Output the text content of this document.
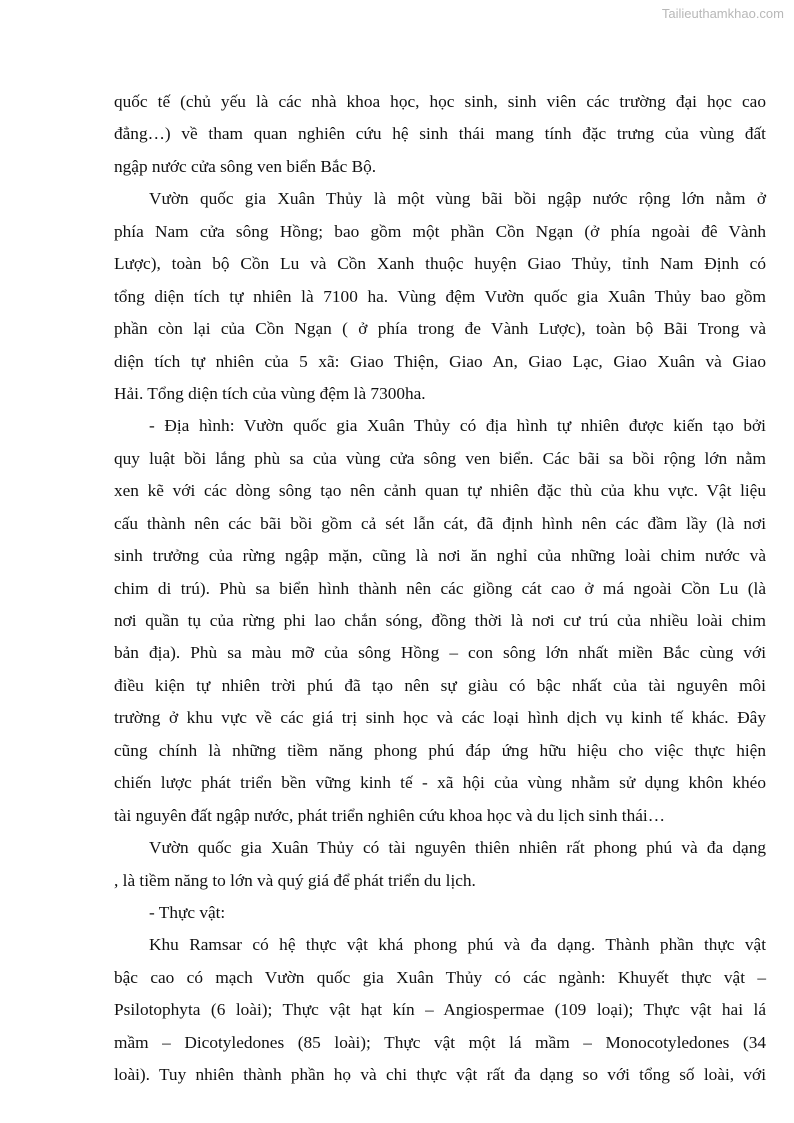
Tailieuthamkhao.com
quốc tế (chủ yếu là các nhà khoa học, học sinh, sinh viên các trường đại học cao
đẳng…) về tham quan nghiên cứu hệ sinh thái mang tính đặc trưng của vùng đất
ngập nước cửa sông ven biển Bắc Bộ.
Vườn quốc gia Xuân Thủy là một vùng bãi bồi ngập nước rộng lớn nằm ở
phía Nam cửa sông Hồng; bao gồm một phần Cồn Ngạn (ở phía ngoài đê Vành
Lược), toàn bộ Cồn Lu và Cồn Xanh thuộc huyện Giao Thủy, tỉnh Nam Định có
tổng diện tích tự nhiên là 7100 ha. Vùng đệm Vườn quốc gia Xuân Thủy bao gồm
phần còn lại của Cồn Ngạn ( ở phía trong đe Vành Lược), toàn bộ Bãi Trong và
diện tích tự nhiên của 5 xã: Giao Thiện, Giao An, Giao Lạc, Giao Xuân và Giao
Hải. Tổng diện tích của vùng đệm là 7300ha.
- Địa hình: Vườn quốc gia Xuân Thủy có địa hình tự nhiên được kiến tạo bởi
quy luật bồi lắng phù sa của vùng cửa sông ven biển. Các bãi sa bồi rộng lớn nằm
xen kẽ với các dòng sông tạo nên cảnh quan tự nhiên đặc thù của khu vực. Vật liệu
cấu thành nên các bãi bồi gồm cả sét lẫn cát, đã định hình nên các đầm lầy (là nơi
sinh trưởng của rừng ngập mặn, cũng là nơi ăn nghỉ của những loài chim nước và
chim di trú). Phù sa biển hình thành nên các giồng cát cao ở má ngoài Cồn Lu (là
nơi quần tụ của rừng phi lao chắn sóng, đồng thời là nơi cư trú của nhiều loài chim
bản địa). Phù sa màu mỡ của sông Hồng – con sông lớn nhất miền Bắc cùng với
điều kiện tự nhiên trời phú đã tạo nên sự giàu có bậc nhất của tài nguyên môi
trường ở khu vực về các giá trị sinh học và các loại hình dịch vụ kinh tế khác. Đây
cũng chính là những tiềm năng phong phú đáp ứng hữu hiệu cho việc thực hiện
chiến lược phát triển bền vững kinh tế - xã hội của vùng nhằm sử dụng khôn khéo
tài nguyên đất ngập nước, phát triển nghiên cứu khoa học và du lịch sinh thái…
Vườn quốc gia Xuân Thủy có tài nguyên thiên nhiên rất phong phú và đa dạng
, là tiềm năng to lớn và quý giá để phát triển du lịch.
- Thực vật:
Khu Ramsar có hệ thực vật khá phong phú và đa dạng. Thành phần thực vật
bậc cao có mạch Vườn quốc gia Xuân Thủy có các ngành: Khuyết thực vật –
Psilotophyta (6 loài); Thực vật hạt kín – Angiospermae (109 loại); Thực vật hai lá
mầm – Dicotyledones (85 loài); Thực vật một lá mầm – Monocotyledones (34
loài). Tuy nhiên thành phần họ và chi thực vật rất đa dạng so với tổng số loài, với
